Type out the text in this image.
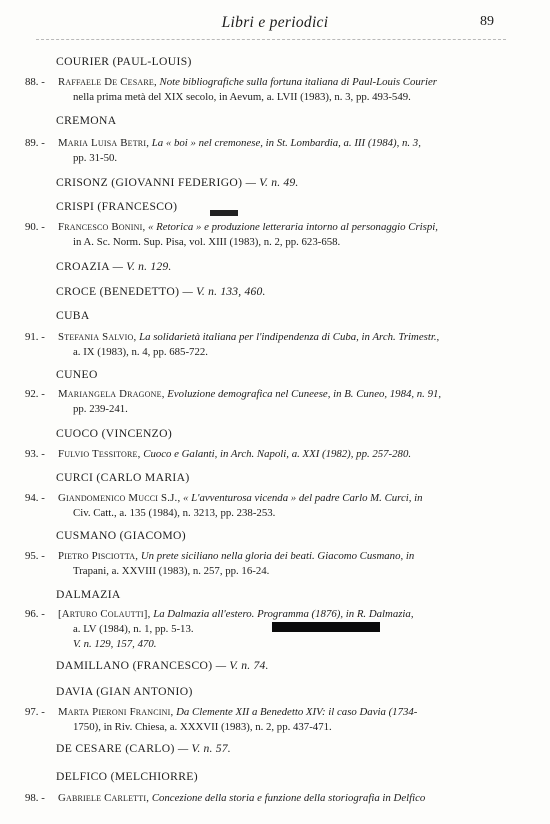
Libri e periodici	89
COURIER (PAUL-LOUIS)
88. - Raffaele De Cesare, Note bibliografiche sulla fortuna italiana di Paul-Louis Courier
nella prima metà del XIX secolo, in Aevum, a. LVII (1983), n. 3, pp. 493-549.
CREMONA
89. - Maria Luisa Betri, La « boi » nel cremonese, in St. Lombardia, a. III (1984), n. 3,
pp. 31-50.
CRISONZ (GIOVANNI FEDERIGO) — V. n. 49.
CRISPI (FRANCESCO)
90. - Francesco Bonini, « Retorica » e produzione letteraria intorno al personaggio Crispi,
in A. Sc. Norm. Sup. Pisa, vol. XIII (1983), n. 2, pp. 623-658.
CROAZIA — V. n. 129.
CROCE (BENEDETTO) — V. n. 133, 460.
CUBA
91. - Stefania Salvio, La solidarietà italiana per l'indipendenza di Cuba, in Arch. Trimestr.,
a. IX (1983), n. 4, pp. 685-722.
CUNEO
92. - Mariangela Dragone, Evoluzione demografica nel Cuneese, in B. Cuneo, 1984, n. 91,
pp. 239-241.
CUOCO (VINCENZO)
93. - Fulvio Tessitore, Cuoco e Galanti, in Arch. Napoli, a. XXI (1982), pp. 257-280.
CURCI (CARLO MARIA)
94. - Giandomenico Mucci S.J., « L'avventurosa vicenda » del padre Carlo M. Curci, in
Civ. Catt., a. 135 (1984), n. 3213, pp. 238-253.
CUSMANO (GIACOMO)
95. - Pietro Pisciotta, Un prete siciliano nella gloria dei beati. Giacomo Cusmano, in
Trapani, a. XXVIII (1983), n. 257, pp. 16-24.
DALMAZIA
96. - [Arturo Colautti], La Dalmazia all'estero. Programma (1876), in R. Dalmazia,
a. LV (1984), n. 1, pp. 5-13.
V. n. 129, 157, 470.
DAMILLANO (FRANCESCO) — V. n. 74.
DAVIA (GIAN ANTONIO)
97. - Marta Pieroni Francini, Da Clemente XII a Benedetto XIV: il caso Davia (1734-
1750), in Riv. Chiesa, a. XXXVII (1983), n. 2, pp. 437-471.
DE CESARE (CARLO) — V. n. 57.
DELFICO (MELCHIORRE)
98. - Gabriele Carletti, Concezione della storia e funzione della storiografia in Delfico
